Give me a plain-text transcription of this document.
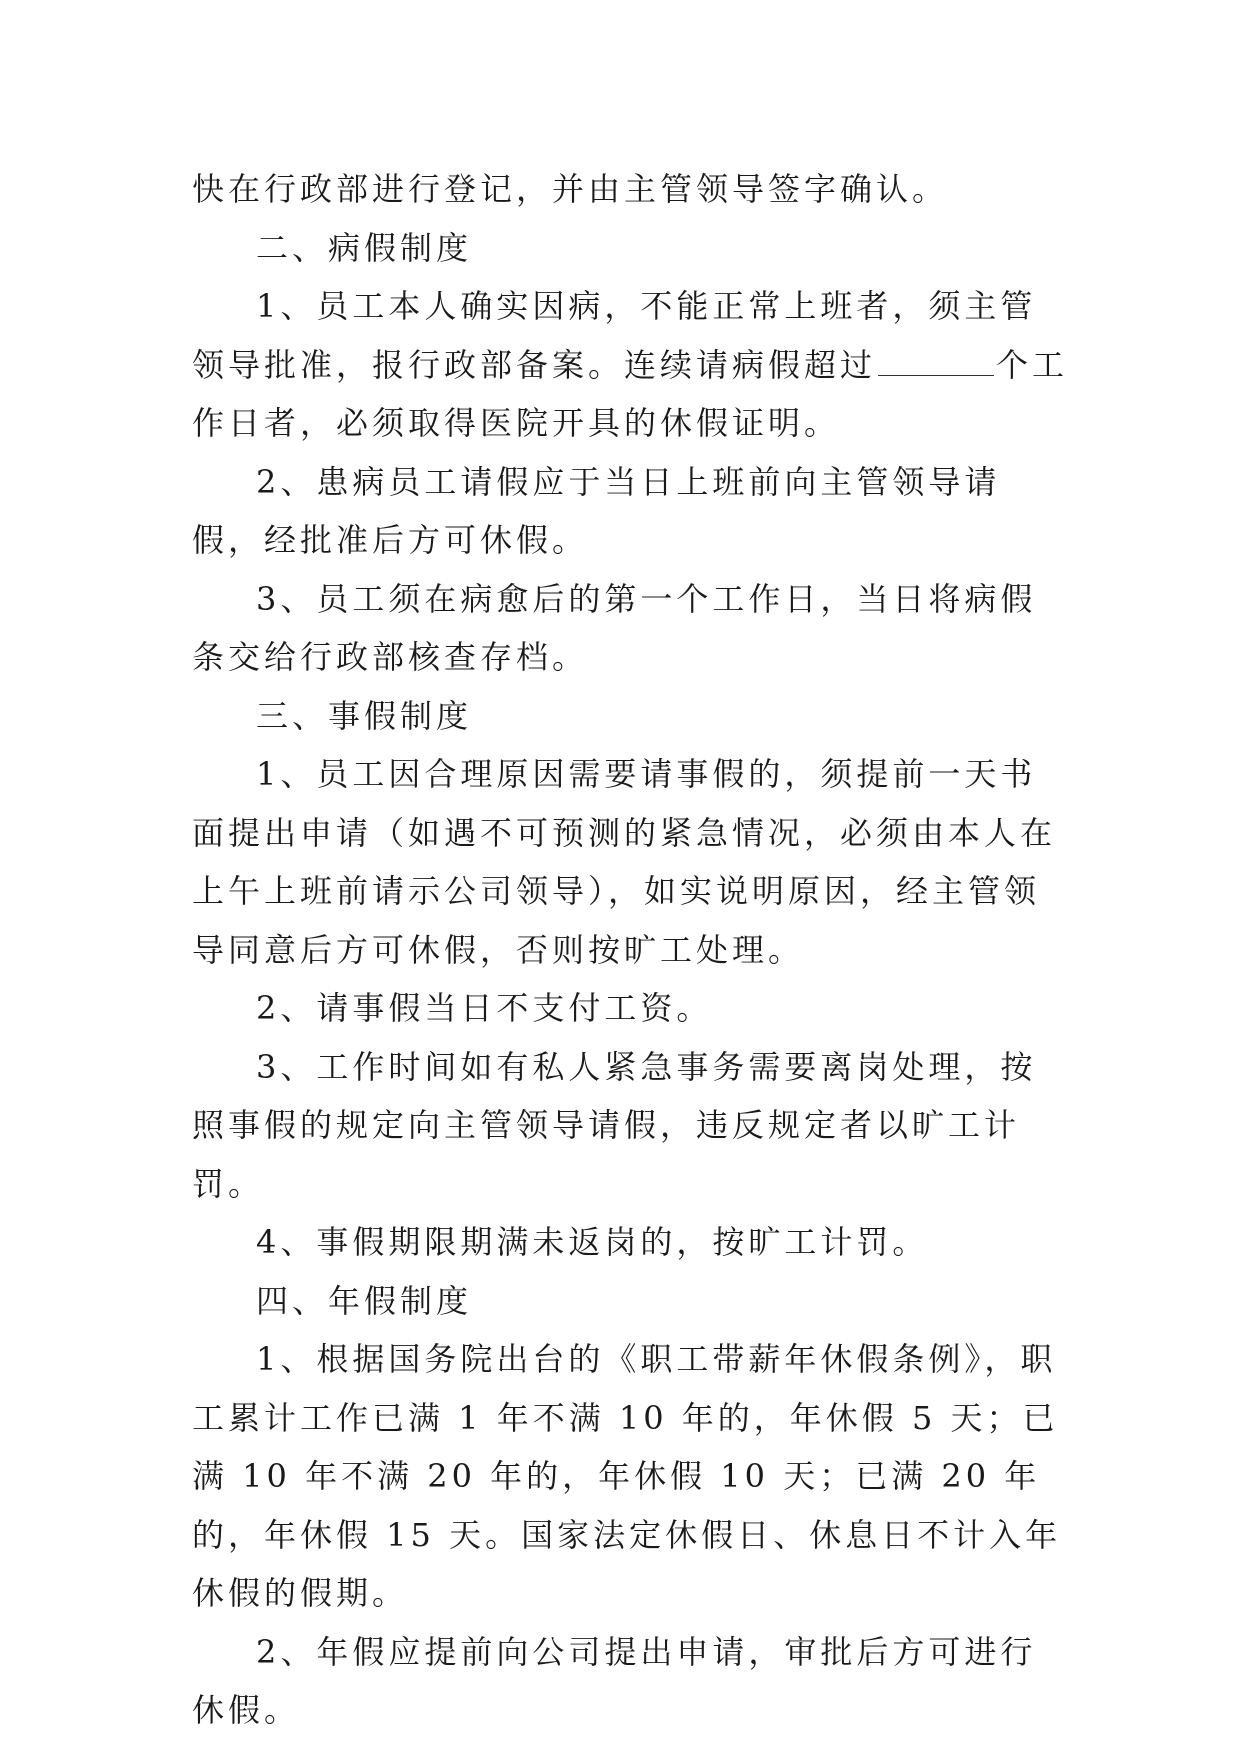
快在行政部进行登记，并由主管领导签字确认。

二、病假制度

1、员工本人确实因病，不能正常上班者，须主管领导批准，报行政部备案。连续请病假超过	个工作日者，必须取得医院开具的休假证明。

2、患病员工请假应于当日上班前向主管领导请假，经批准后方可休假。

3、员工须在病愈后的第一个工作日，当日将病假条交给行政部核查存档。

三、事假制度

1、员工因合理原因需要请事假的，须提前一天书面提出申请（如遇不可预测的紧急情况，必须由本人在上午上班前请示公司领导），如实说明原因，经主管领导同意后方可休假，否则按旷工处理。

2、请事假当日不支付工资。

3、工作时间如有私人紧急事务需要离岗处理，按照事假的规定向主管领导请假，违反规定者以旷工计罚。

4、事假期限期满未返岗的，按旷工计罚。

四、年假制度

1、根据国务院出台的《职工带薪年休假条例》，职工累计工作已满 1 年不满 10 年的，年休假 5 天；已满 10 年不满 20 年的，年休假 10 天；已满 20 年的，年休假 15 天。国家法定休假日、休息日不计入年休假的假期。

2、年假应提前向公司提出申请，审批后方可进行休假。
